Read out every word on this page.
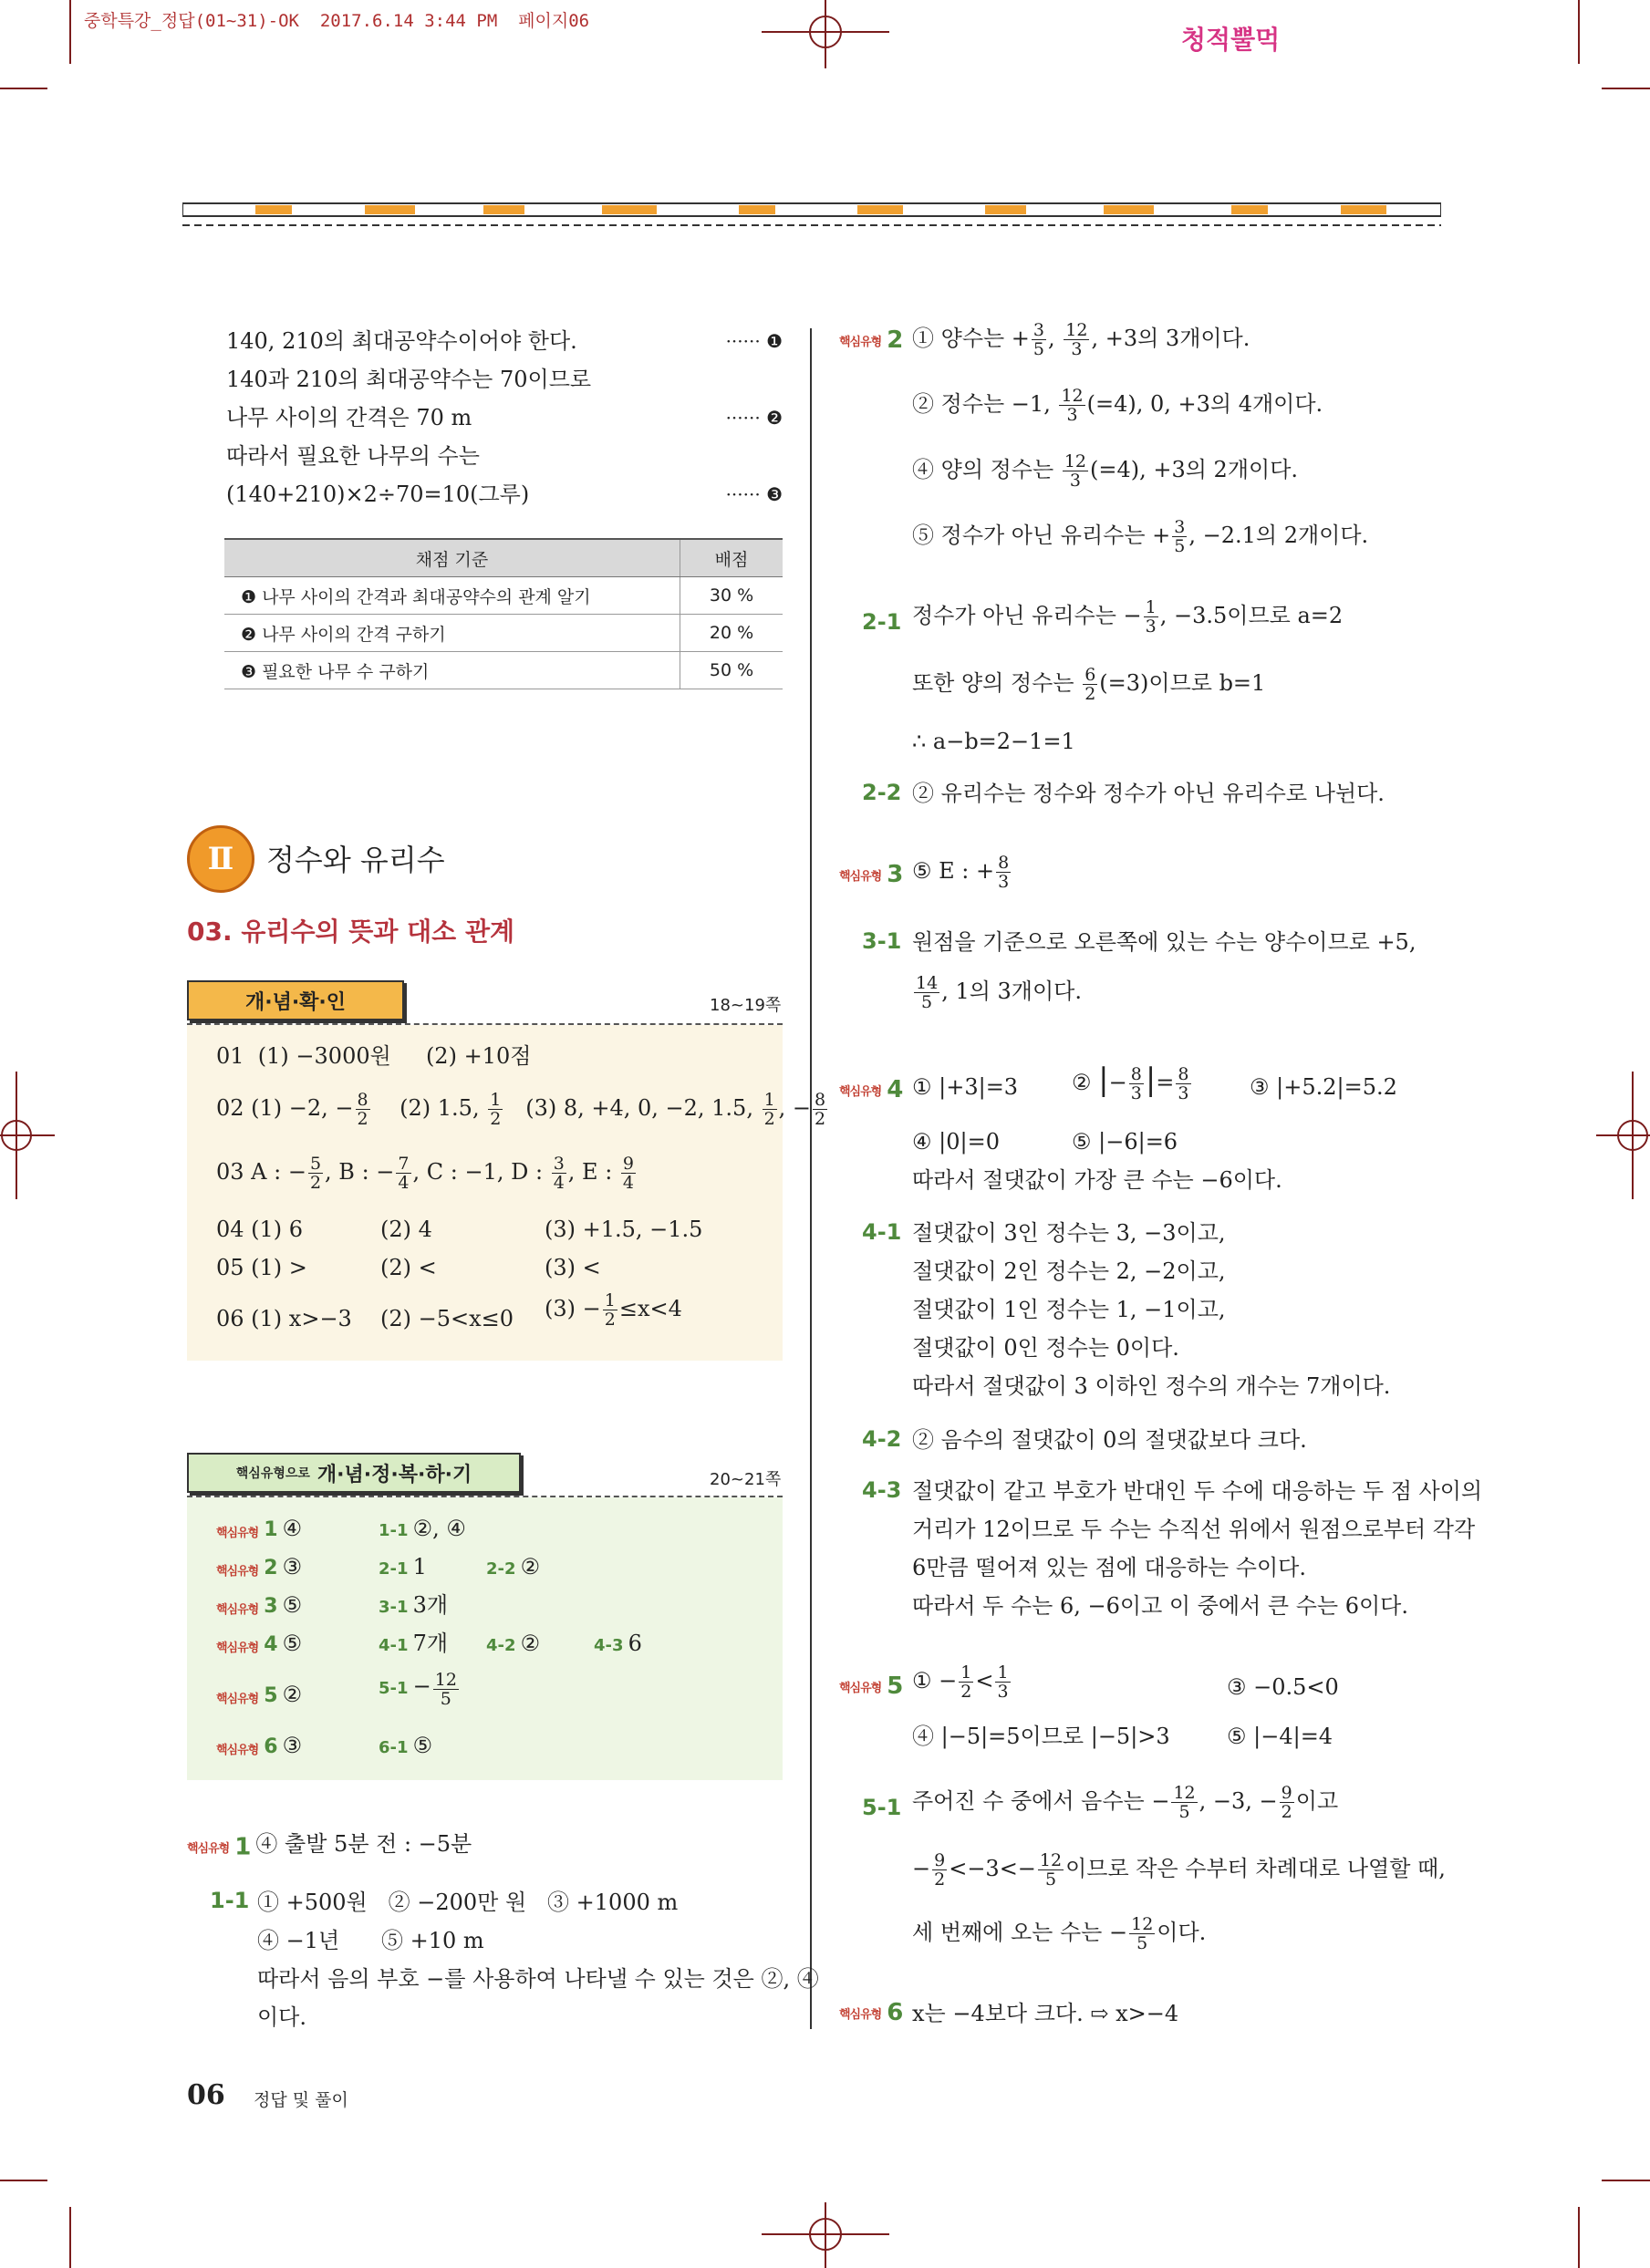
중학특강_정답(01~31)-OK  2017.6.14 3:44 PM  페이지06
청적뿔먹
140, 210의 최대공약수이어야 한다.	······ ❶
140과 210의 최대공약수는 70이므로
나무 사이의 간격은 70 m	······ ❷
따라서 필요한 나무의 수는
(140+210)×2÷70=10(그루)	······ ❸
채점 기준	배점
❶ 나무 사이의 간격과 최대공약수의 관계 알기	30 %
❷ 나무 사이의 간격 구하기	20 %
❸ 필요한 나무 수 구하기	50 %
Ⅱ 정수와 유리수
03. 유리수의 뜻과 대소 관계
개·념·확·인	18~19쪽
01  (1) −3000원     (2) +10점
02 (1) −2, − $\frac{8}{2} (2)$ 1.5, $\frac{1}{2} (3)$ 8, +4, 0, −2, 1.5, $\frac{1}{2}$ , − $\frac{8}{2}$
03 A : − $\frac{5}{2}$ , B : − $\frac{7}{4}$ , C : −1, D : $\frac{3}{4}$ , E : $\frac{9}{4}$
04 (1) 6	(2) 4	(3) +1.5, −1.5
05 (1) >	(2) <	(3) <
06 (1) x>−3 (2) −5<x≤0 $(3) - \frac{1}{2} \le x<4$
핵심유형으로 개·념·정·복·하·기	20~21쪽
핵심유형 1 ④	1-1 ②, ④
핵심유형 2 ③	2-1 1	2-2 ②
핵심유형 3 ⑤	3-1 3개
핵심유형 4 ⑤	4-1 7개 4-2 ②	4-3 6
핵심유형 5 ②	$5-1 - \frac{12}{5}$
핵심유형 6 ③	6-1 ⑤
핵심유형 1 ④ 출발 5분 전 : −5분
1-1 ① +500원   ② −200만 원   ③ +1000 m
④ −1년      ⑤ +10 m
따라서 음의 부호 −를 사용하여 나타낼 수 있는 것은 ②, ④
이다.
핵심유형 2 ① 양수는 + $\frac{3}{5}$ , $\frac{12}{3}$ , +3의 3개이다.
② 정수는 −1, $\frac{12}{3} (=4)$, 0, +3의 4개이다.
④ 양의 정수는 $\frac{12}{3} (=4)$, +3의 2개이다.
⑤ 정수가 아닌 유리수는 + $\frac{3}{5}$ , −2.1의 2개이다.
2-1 정수가 아닌 유리수는 − $\frac{1}{3}$ , −3.5이므로 a=2
또한 양의 정수는 $\frac{6}{2} (=3)$이므로 b=1
∴ a−b=2−1=1
2-2 ② 유리수는 정수와 정수가 아닌 유리수로 나뉜다.
핵심유형 3 ⑤ E : + $\frac{8}{3}$
3-1 원점을 기준으로 오른쪽에 있는 수는 양수이므로 +5,
$\frac{14}{5}$ , 1의 3개이다.
핵심유형 4 ① |+3|=3 ② |− $\frac{8}{3}$ |= $\frac{8}{3}$	③ |+5.2|=5.2
④ |0|=0	⑤ |−6|=6
따라서 절댓값이 가장 큰 수는 −6이다.
4-1 절댓값이 3인 정수는 3, −3이고,
절댓값이 2인 정수는 2, −2이고,
절댓값이 1인 정수는 1, −1이고,
절댓값이 0인 정수는 0이다.
따라서 절댓값이 3 이하인 정수의 개수는 7개이다.
4-2 ② 음수의 절댓값이 0의 절댓값보다 크다.
4-3 절댓값이 같고 부호가 반대인 두 수에 대응하는 두 점 사이의
거리가 12이므로 두 수는 수직선 위에서 원점으로부터 각각
6만큼 떨어져 있는 점에 대응하는 수이다.
따라서 두 수는 6, −6이고 이 중에서 큰 수는 6이다.
핵심유형 5 ① − $\frac{1}{2} < \frac{1}{3}$	③ −0.5<0
④ |−5|=5이므로 |−5|>3	⑤ |−4|=4
5-1 주어진 수 중에서 음수는 − $\frac{12}{5}$ , −3, − $\frac{9}{2}$ 이고
− $\frac{9}{2} <-3<- \frac{12}{5}$ 이므로 작은 수부터 차례대로 나열할 때,
세 번째에 오는 수는 − $\frac{12}{5}$ 이다.
핵심유형 6 x는 −4보다 크다. ⇨ x>−4
06 정답 및 풀이
